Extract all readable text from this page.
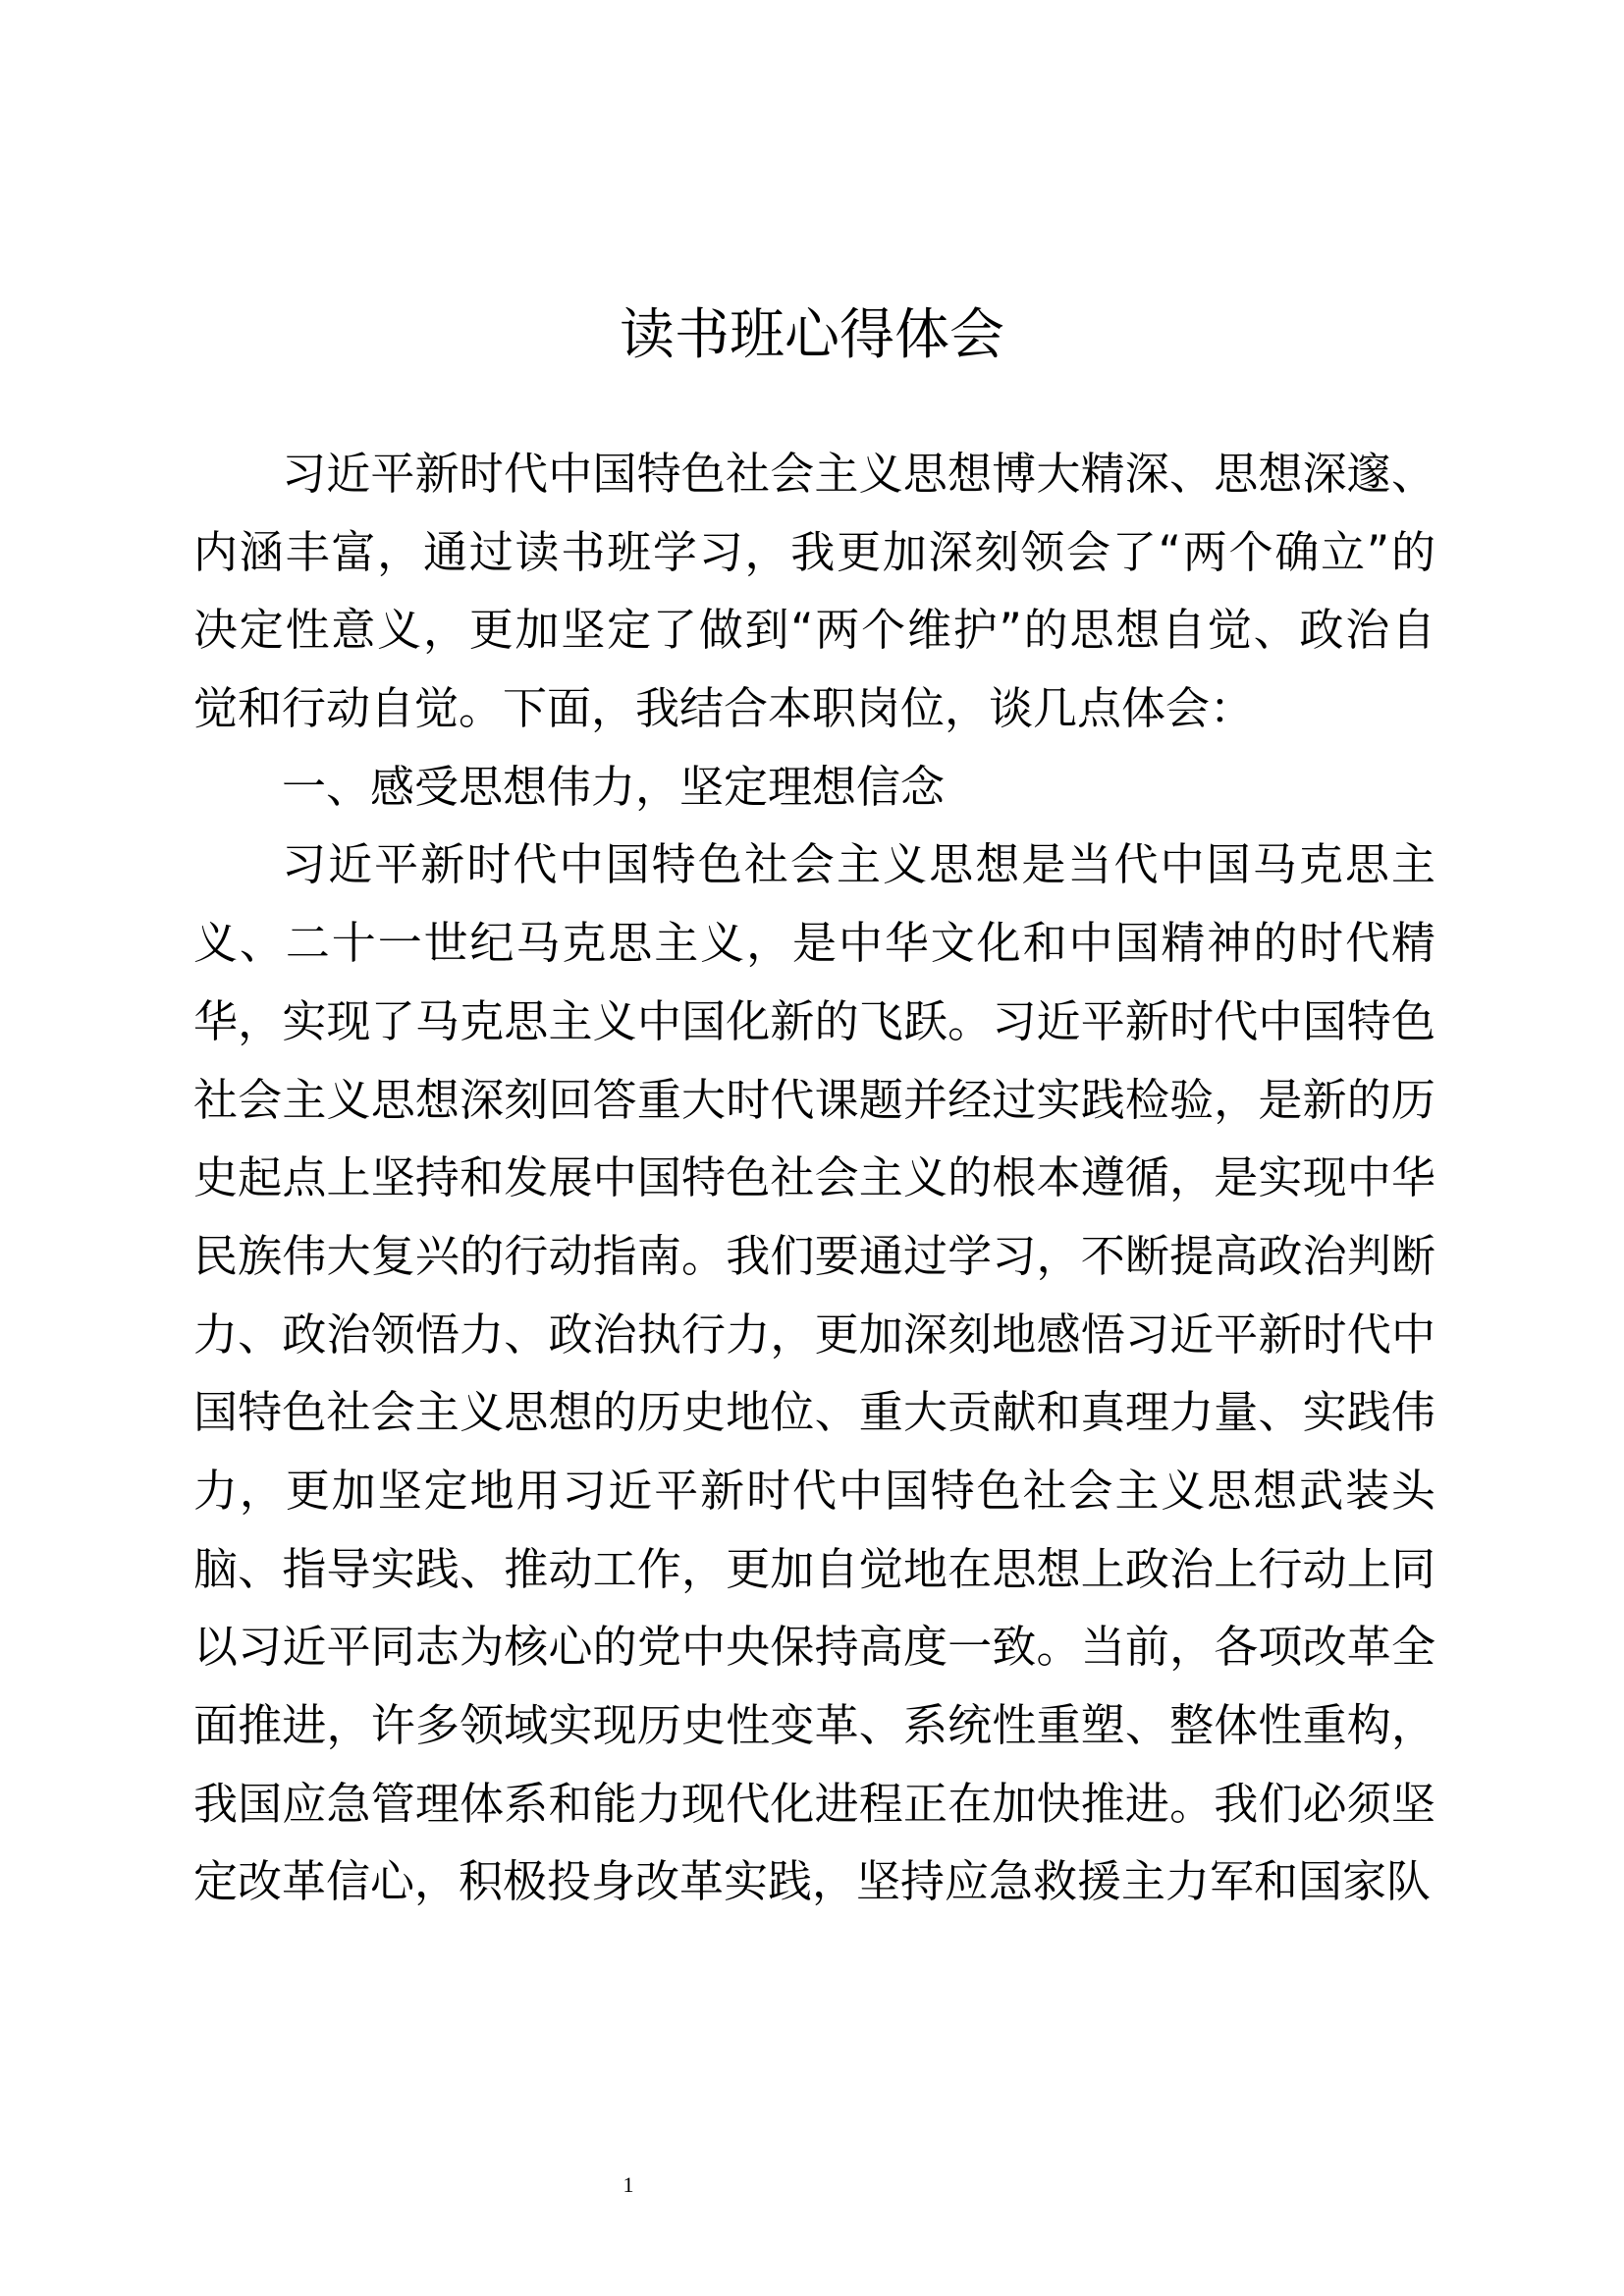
读书班心得体会
习近平新时代中国特色社会主义思想博大精深、思想深邃、
内涵丰富，通过读书班学习，我更加深刻领会了“两个确立”的
决定性意义，更加坚定了做到“两个维护”的思想自觉、政治自
觉和行动自觉。下面，我结合本职岗位，谈几点体会：
一、感受思想伟力，坚定理想信念
习近平新时代中国特色社会主义思想是当代中国马克思主
义、二十一世纪马克思主义，是中华文化和中国精神的时代精
华，实现了马克思主义中国化新的飞跃。习近平新时代中国特色
社会主义思想深刻回答重大时代课题并经过实践检验，是新的历
史起点上坚持和发展中国特色社会主义的根本遵循，是实现中华
民族伟大复兴的行动指南。我们要通过学习，不断提高政治判断
力、政治领悟力、政治执行力，更加深刻地感悟习近平新时代中
国特色社会主义思想的历史地位、重大贡献和真理力量、实践伟
力，更加坚定地用习近平新时代中国特色社会主义思想武装头
脑、指导实践、推动工作，更加自觉地在思想上政治上行动上同
以习近平同志为核心的党中央保持高度一致。当前，各项改革全
面推进，许多领域实现历史性变革、系统性重塑、整体性重构，
我国应急管理体系和能力现代化进程正在加快推进。我们必须坚
定改革信心，积极投身改革实践，坚持应急救援主力军和国家队
1
